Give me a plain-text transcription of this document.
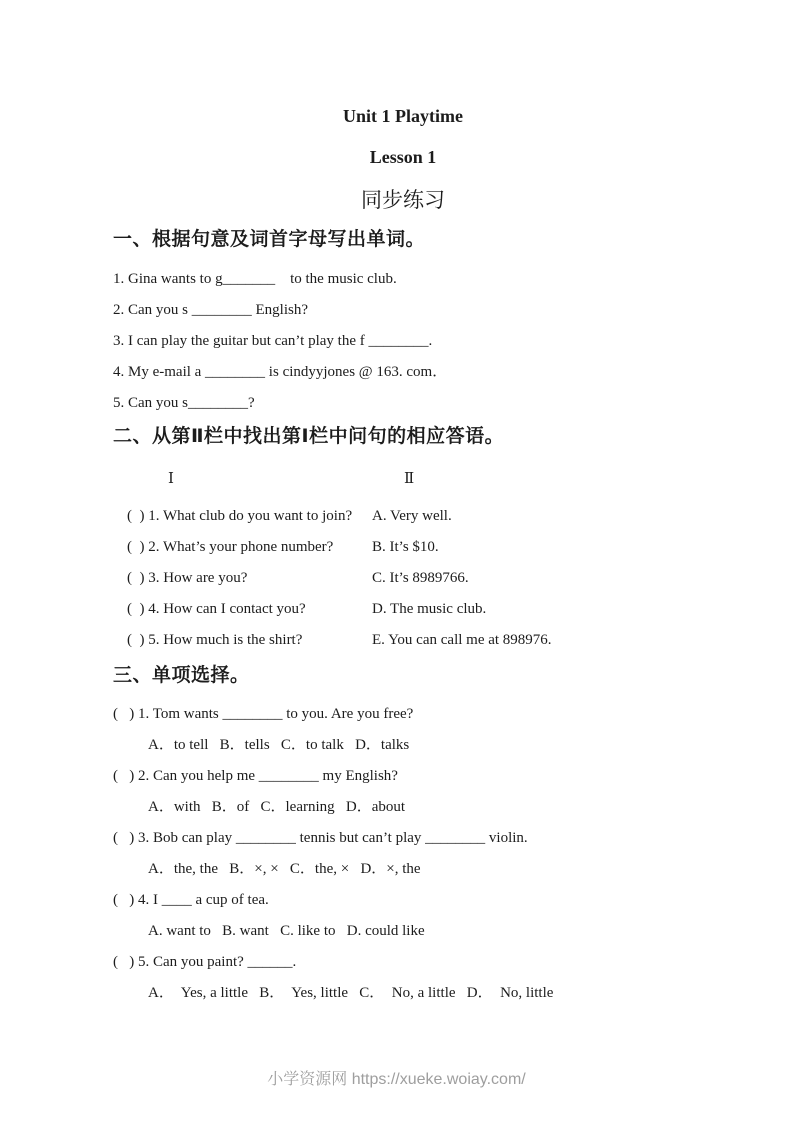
Unit 1 Playtime

Lesson 1

同步练习

一、根据句意及词首字母写出单词。

1. Gina wants to g_______    to the music club.

2. Can you s ________ English?

3. I can play the guitar but can’t play the f ________.

4. My e-mail a ________ is cindyyjones @ 163. com．

5. Can you s________?

二、从第Ⅱ栏中找出第Ⅰ栏中问句的相应答语。
Ⅰ	Ⅱ
(  ) 1. What club do you want to join?	A. Very well.
(  ) 2. What’s your phone number?	B. It’s $10.
(  ) 3. How are you?	C. It’s 8989766.
(  ) 4. How can I contact you?	D. The music club.
(  ) 5. How much is the shirt?	E. You can call me at 898976.
三、单项选择。

(   ) 1. Tom wants ________ to you. Are you free?

A．to tell   B．tells   C．to talk   D．talks

(   ) 2. Can you help me ________ my English?

A．with   B．of   C．learning   D．about

(   ) 3. Bob can play ________ tennis but can’t play ________ violin.

A．the, the   B．×, ×   C．the, ×   D．×, the

(   ) 4. I ____ a cup of tea.

A. want to   B. want   C. like to   D. could like

(   ) 5. Can you paint? ______.

A．  Yes, a little   B．  Yes, little   C．  No, a little   D．  No, little

小学资源网 https://xueke.woiay.com/
